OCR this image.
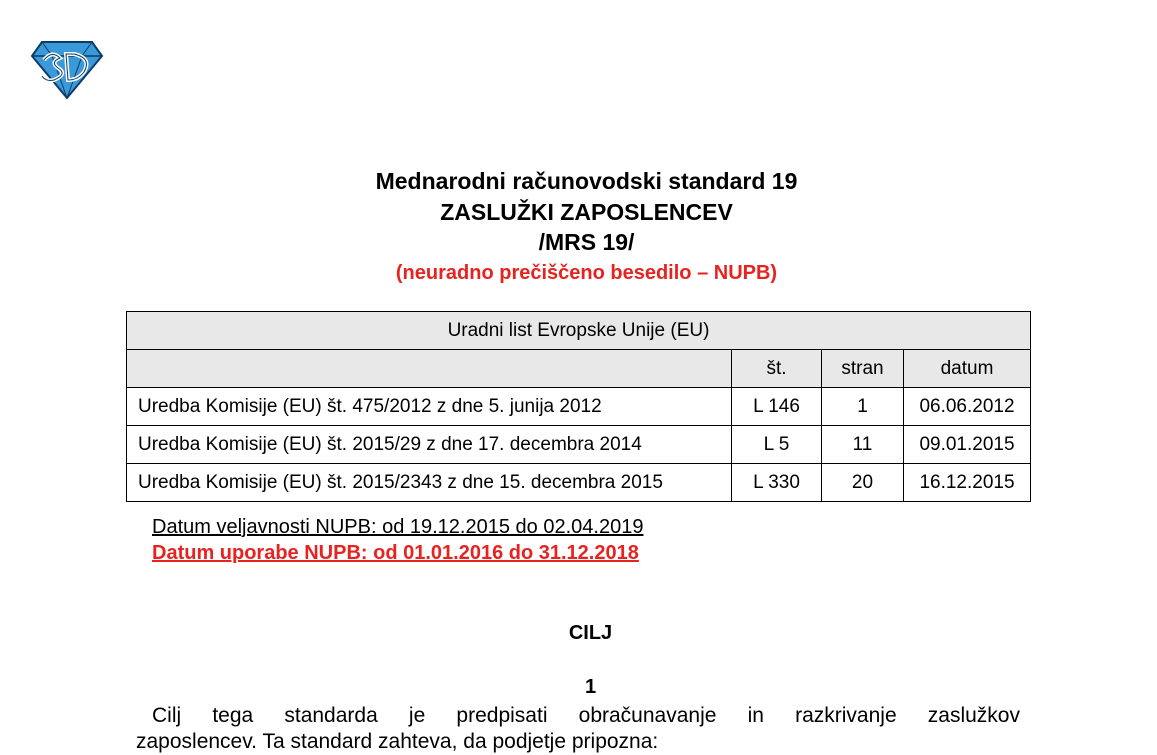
Mednarodni računovodski standard 19
ZASLUŽKI ZAPOSLENCEV
/MRS 19/
(neuradno prečiščeno besedilo – NUPB)
Uradni list Evropske Unije (EU)			
	št.	stran	datum
Uredba Komisije (EU) št. 475/2012 z dne 5. junija 2012	L 146	1	06.06.2012
Uredba Komisije (EU) št. 2015/29 z dne 17. decembra 2014	L 5	11	09.01.2015
Uredba Komisije (EU) št. 2015/2343 z dne 15. decembra 2015	L 330	20	16.12.2015
Datum veljavnosti NUPB: od 19.12.2015 do 02.04.2019
Datum uporabe NUPB: od 01.01.2016 do 31.12.2018
CILJ
1
Cilj tega standarda je predpisati obračunavanje in razkrivanje zaslužkov
zaposlencev. Ta standard zahteva, da podjetje pripozna:
